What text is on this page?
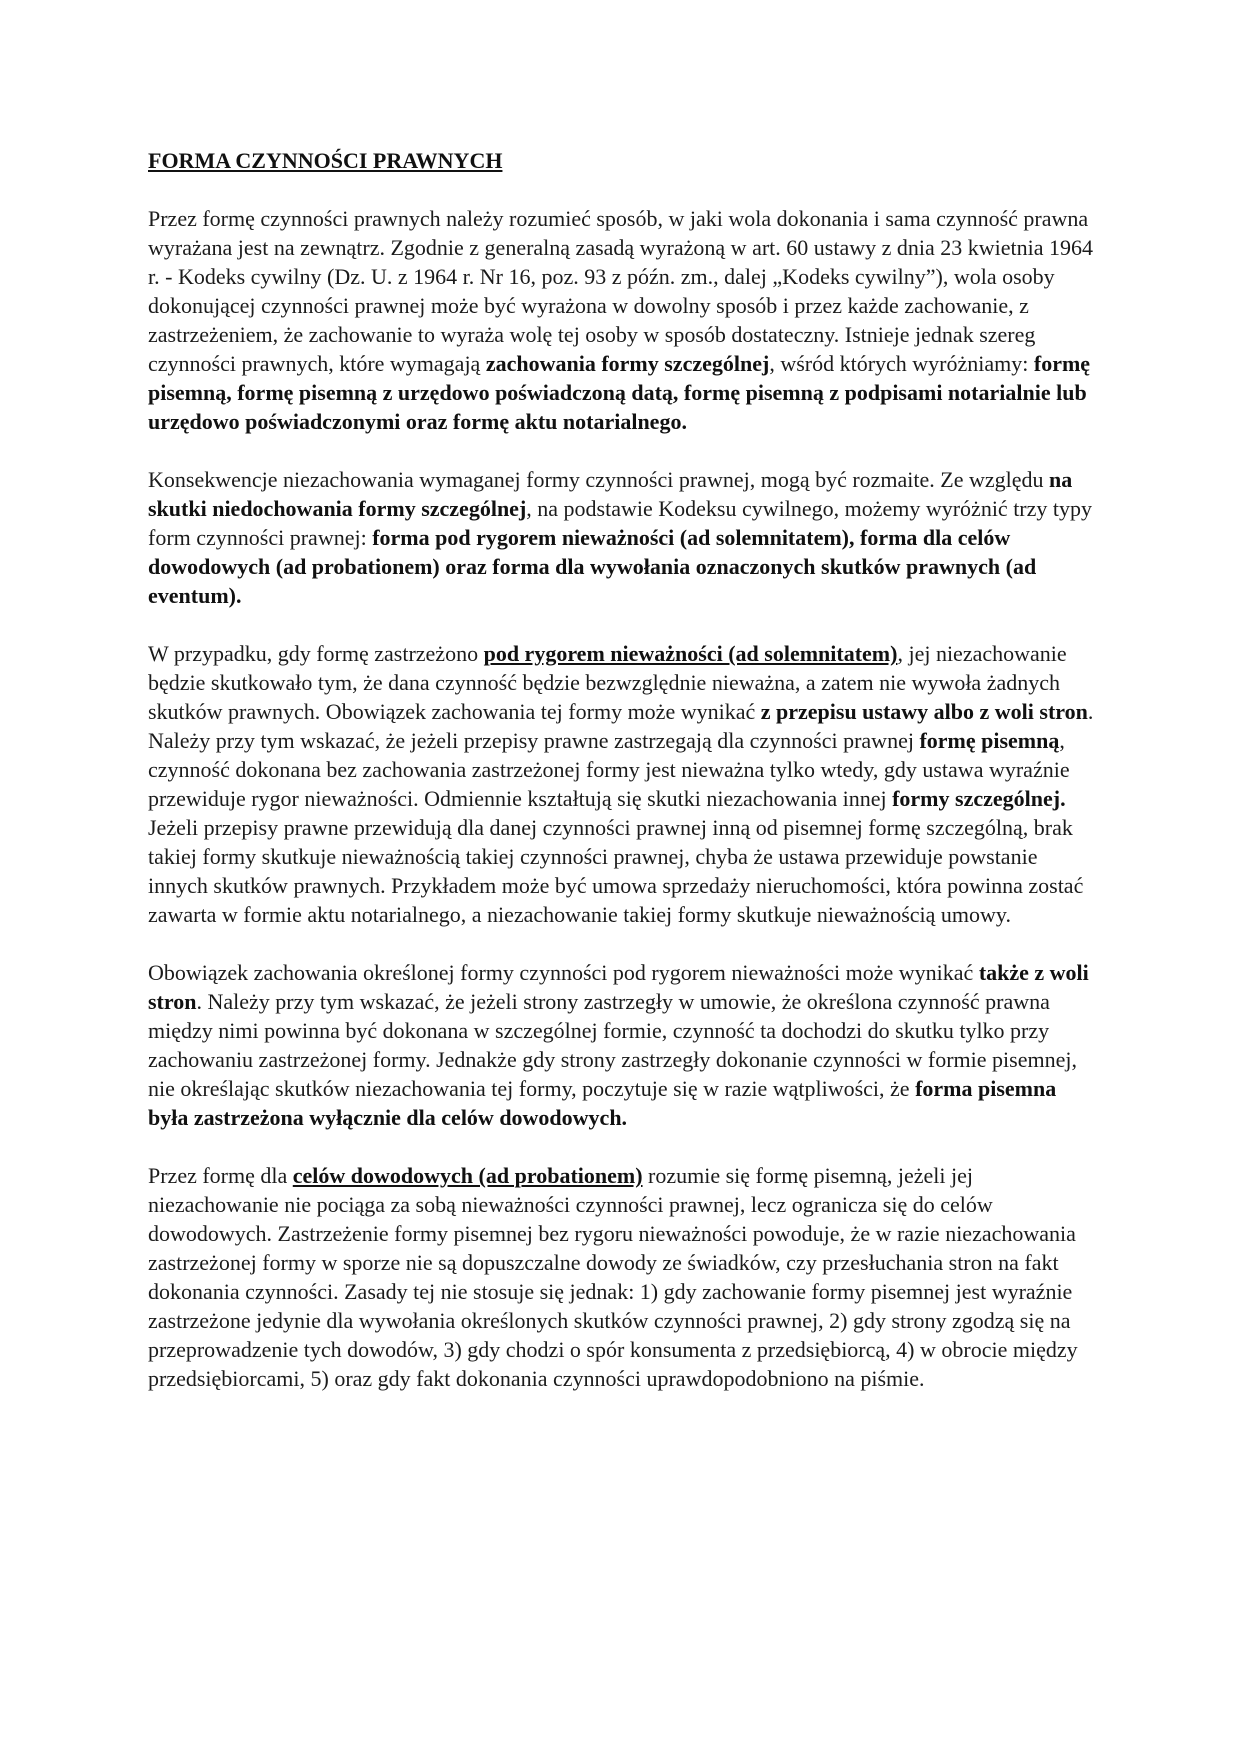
FORMA CZYNNOŚCI PRAWNYCH

Przez formę czynności prawnych należy rozumieć sposób, w jaki wola dokonania i sama czynność prawna wyrażana jest na zewnątrz. Zgodnie z generalną zasadą wyrażoną w art. 60 ustawy z dnia 23 kwietnia 1964 r. - Kodeks cywilny (Dz. U. z 1964 r. Nr 16, poz. 93 z późn. zm., dalej „Kodeks cywilny”), wola osoby dokonującej czynności prawnej może być wyrażona w dowolny sposób i przez każde zachowanie, z zastrzeżeniem, że zachowanie to wyraża wolę tej osoby w sposób dostateczny. Istnieje jednak szereg czynności prawnych, które wymagają zachowania formy szczególnej, wśród których wyróżniamy: formę pisemną, formę pisemną z urzędowo poświadczoną datą, formę pisemną z podpisami notarialnie lub urzędowo poświadczonymi oraz formę aktu notarialnego.

Konsekwencje niezachowania wymaganej formy czynności prawnej, mogą być rozmaite. Ze względu na skutki niedochowania formy szczególnej, na podstawie Kodeksu cywilnego, możemy wyróżnić trzy typy form czynności prawnej: forma pod rygorem nieważności (ad solemnitatem), forma dla celów dowodowych (ad probationem) oraz forma dla wywołania oznaczonych skutków prawnych (ad eventum).

W przypadku, gdy formę zastrzeżono pod rygorem nieważności (ad solemnitatem), jej niezachowanie będzie skutkowało tym, że dana czynność będzie bezwzględnie nieważna, a zatem nie wywoła żadnych skutków prawnych. Obowiązek zachowania tej formy może wynikać z przepisu ustawy albo z woli stron. Należy przy tym wskazać, że jeżeli przepisy prawne zastrzegają dla czynności prawnej formę pisemną, czynność dokonana bez zachowania zastrzeżonej formy jest nieważna tylko wtedy, gdy ustawa wyraźnie przewiduje rygor nieważności. Odmiennie kształtują się skutki niezachowania innej formy szczególnej. Jeżeli przepisy prawne przewidują dla danej czynności prawnej inną od pisemnej formę szczególną, brak takiej formy skutkuje nieważnością takiej czynności prawnej, chyba że ustawa przewiduje powstanie innych skutków prawnych. Przykładem może być umowa sprzedaży nieruchomości, która powinna zostać zawarta w formie aktu notarialnego, a niezachowanie takiej formy skutkuje nieważnością umowy.

Obowiązek zachowania określonej formy czynności pod rygorem nieważności może wynikać także z woli stron. Należy przy tym wskazać, że jeżeli strony zastrzegły w umowie, że określona czynność prawna między nimi powinna być dokonana w szczególnej formie, czynność ta dochodzi do skutku tylko przy zachowaniu zastrzeżonej formy. Jednakże gdy strony zastrzegły dokonanie czynności w formie pisemnej, nie określając skutków niezachowania tej formy, poczytuje się w razie wątpliwości, że forma pisemna była zastrzeżona wyłącznie dla celów dowodowych.

Przez formę dla celów dowodowych (ad probationem) rozumie się formę pisemną, jeżeli jej niezachowanie nie pociąga za sobą nieważności czynności prawnej, lecz ogranicza się do celów dowodowych. Zastrzeżenie formy pisemnej bez rygoru nieważności powoduje, że w razie niezachowania zastrzeżonej formy w sporze nie są dopuszczalne dowody ze świadków, czy przesłuchania stron na fakt dokonania czynności. Zasady tej nie stosuje się jednak: 1) gdy zachowanie formy pisemnej jest wyraźnie zastrzeżone jedynie dla wywołania określonych skutków czynności prawnej, 2) gdy strony zgodzą się na przeprowadzenie tych dowodów, 3) gdy chodzi o spór konsumenta z przedsiębiorcą, 4) w obrocie między przedsiębiorcami, 5) oraz gdy fakt dokonania czynności uprawdopodobniono na piśmie.
